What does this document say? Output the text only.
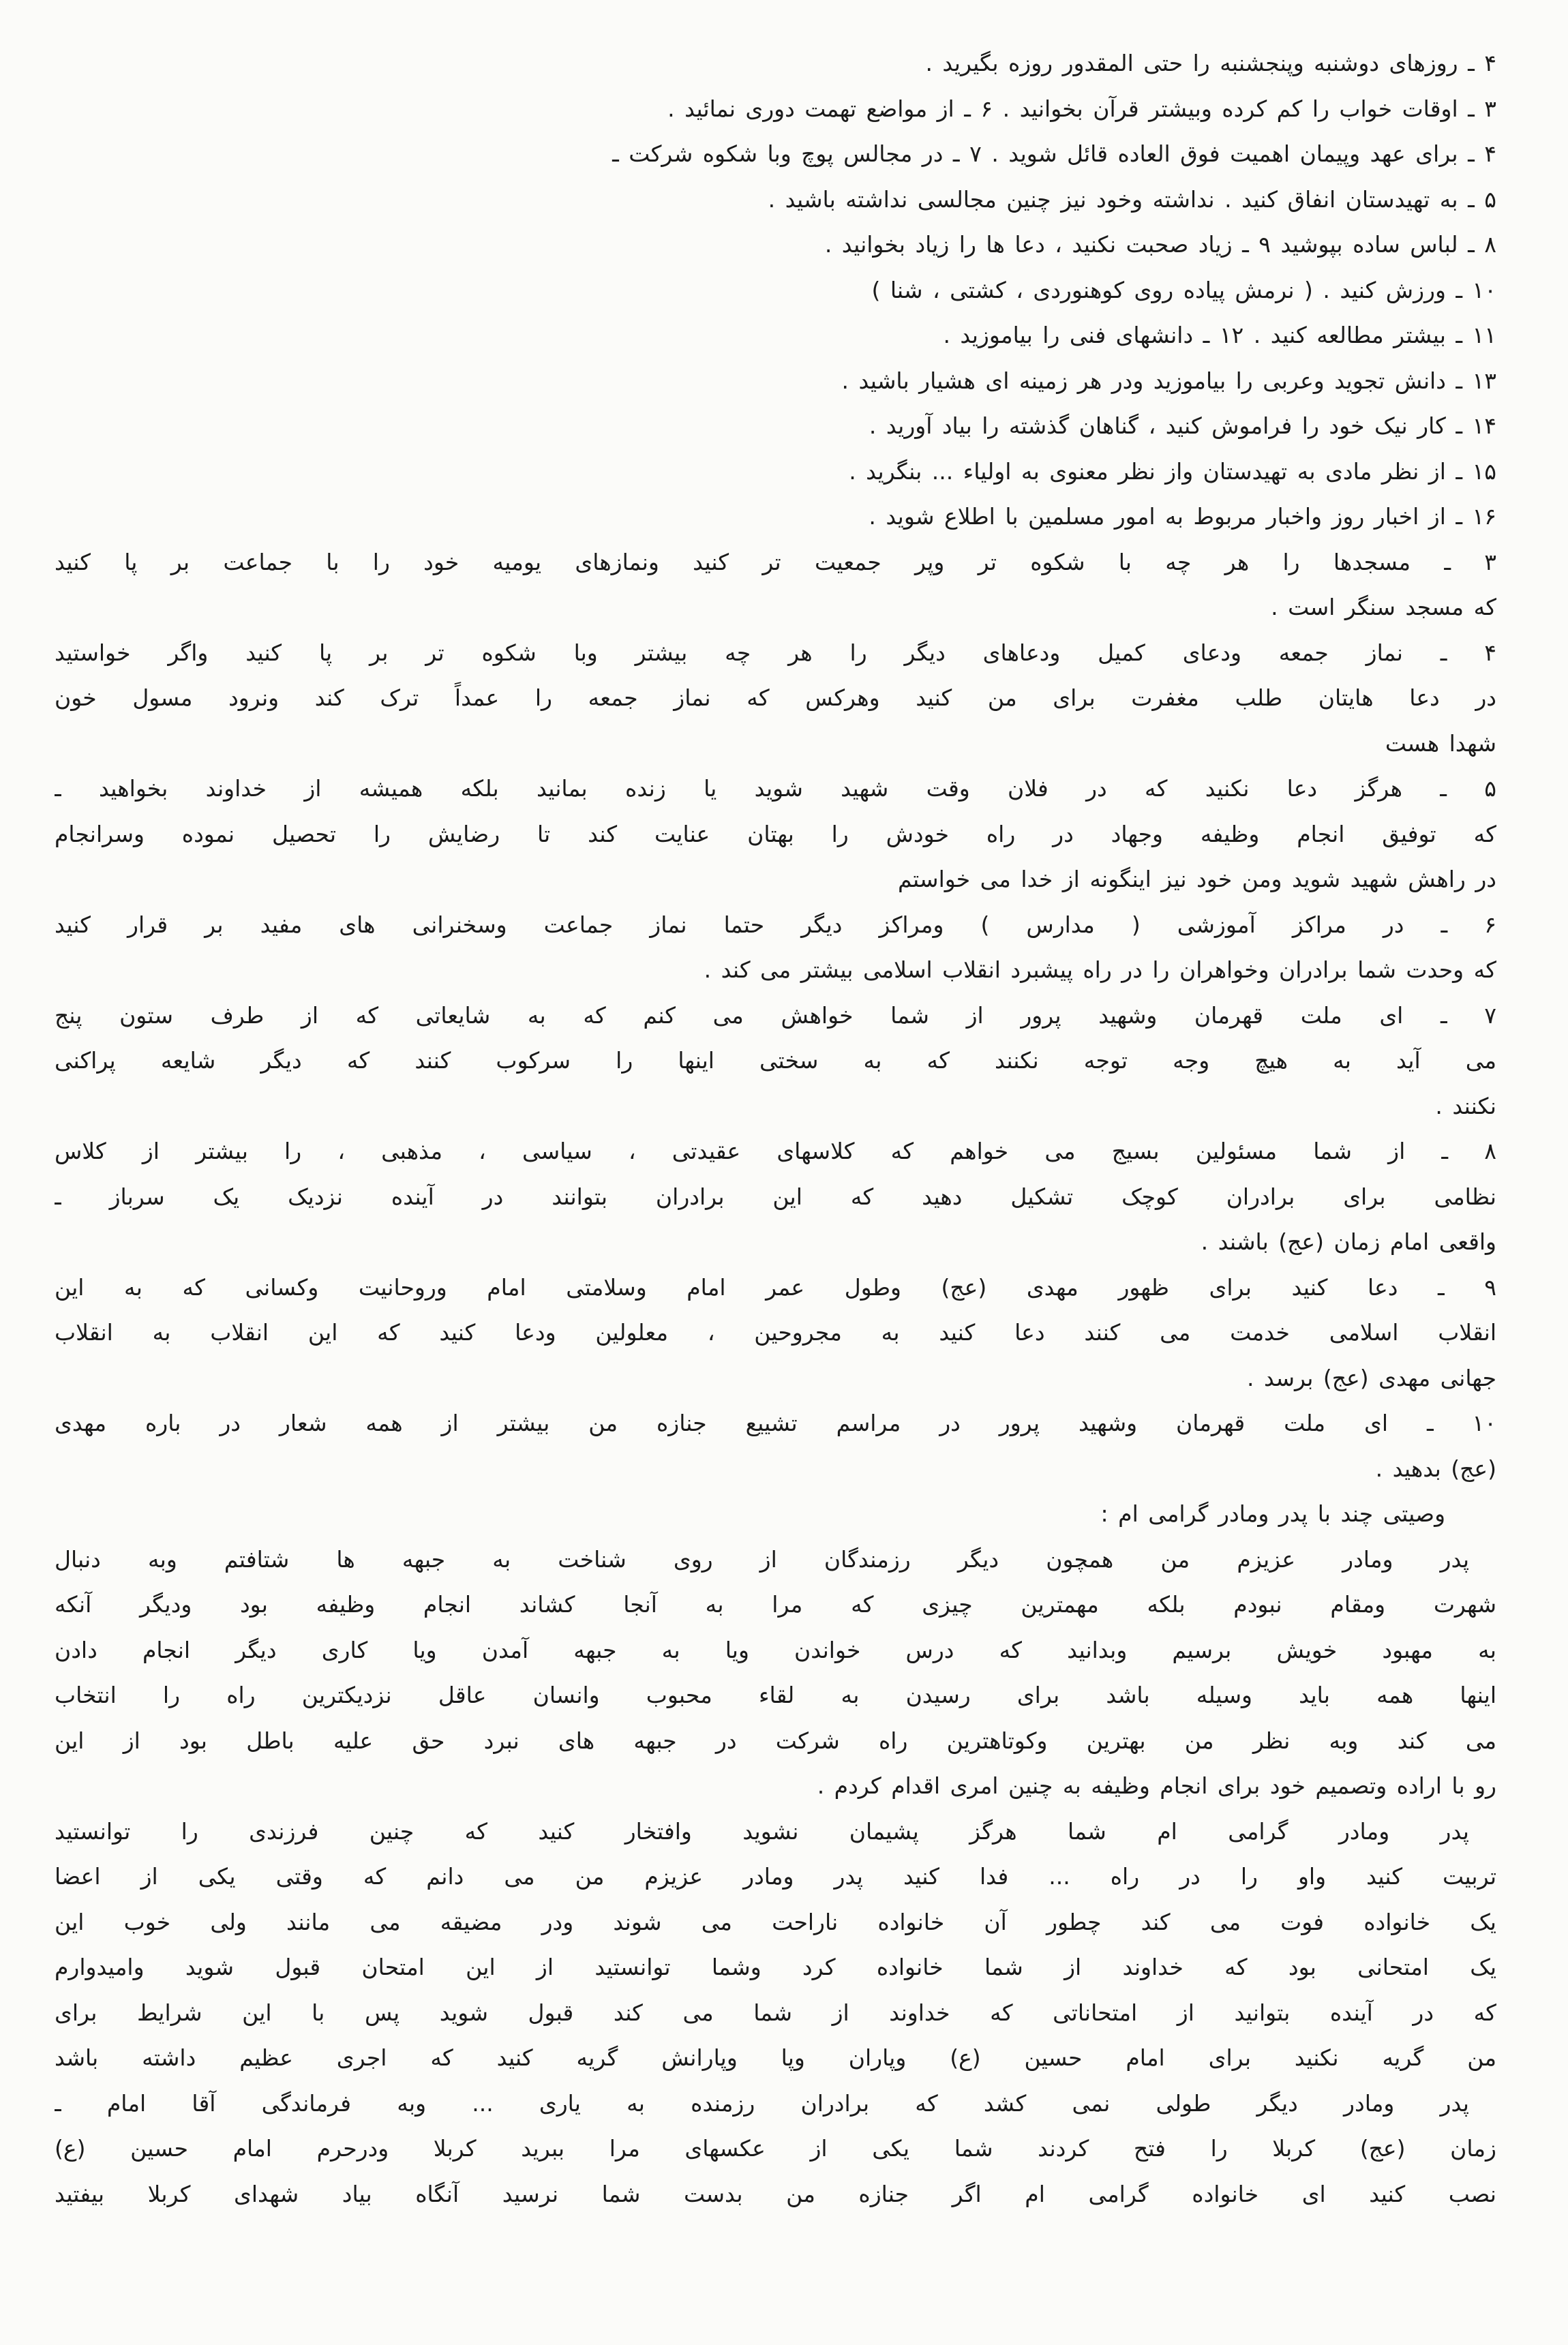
۴ ـ روزهای دوشنبه وپنجشنبه را حتی المقدور روزه بگیرید .
۳ ـ اوقات خواب را کم کرده وبیشتر قرآن بخوانید . ۶ ـ از مواضع تهمت دوری نمائید .
۴ ـ برای عهد وپیمان اهمیت فوق العاده قائل شوید . ۷ ـ در مجالس پوچ وبا شکوه شرکت ـ
۵ ـ به تهیدستان انفاق کنید . نداشته وخود نیز چنین مجالسی نداشته باشید .
۸ ـ لباس ساده بپوشید ۹ ـ زیاد صحبت نکنید ، دعا ها را زیاد بخوانید .
۱۰ ـ ورزش کنید . ( نرمش پیاده روی کوهنوردی ، کشتی ، شنا )
۱۱ ـ بیشتر مطالعه کنید . ۱۲ ـ دانشهای فنی را بیاموزید .
۱۳ ـ دانش تجوید وعربی را بیاموزید ودر هر زمینه ای هشیار باشید .
۱۴ ـ کار نیک خود را فراموش کنید ، گناهان گذشته را بیاد آورید .
۱۵ ـ از نظر مادی به تهیدستان واز نظر معنوی به اولیاء ... بنگرید .
۱۶ ـ از اخبار روز واخبار مربوط به امور مسلمین با اطلاع شوید .
۳ ـ مسجدها را هر چه با شکوه تر وپر جمعیت تر کنید ونمازهای یومیه خود را با جماعت بر پا کنید
که مسجد سنگر است .
۴ ـ نماز جمعه ودعای کمیل ودعاهای دیگر را هر چه بیشتر وبا شکوه تر بر پا کنید واگر خواستید
در دعا هایتان طلب مغفرت برای من کنید وهرکس که نماز جمعه را عمداً ترک کند ونرود مسول خون
شهدا هست
۵ ـ هرگز دعا نکنید که در فلان وقت شهید شوید یا زنده بمانید بلکه همیشه از خداوند بخواهید ـ
که توفیق انجام وظیفه وجهاد در راه خودش را بهتان عنایت کند تا رضایش را تحصیل نموده وسرانجام
در راهش شهید شوید ومن خود نیز اینگونه از خدا می خواستم
۶ ـ در مراکز آموزشی ( مدارس ) ومراکز دیگر حتما نماز جماعت وسخنرانی های مفید بر قرار کنید
که وحدت شما برادران وخواهران را در راه پیشبرد انقلاب اسلامی بیشتر می کند .
۷ ـ ای ملت قهرمان وشهید پرور از شما خواهش می کنم که به شایعاتی که از طرف ستون پنج
می آید به هیچ وجه توجه نکنند که به سختی اینها را سرکوب کنند که دیگر شایعه پراکنی
نکنند .
۸ ـ از شما مسئولین بسیج می خواهم که کلاسهای عقیدتی ، سیاسی ، مذهبی ، را بیشتر از کلاس
نظامی برای برادران کوچک تشکیل دهید که این برادران بتوانند در آینده نزدیک یک سرباز ـ
واقعی امام زمان (عج) باشند .
۹ ـ دعا کنید برای ظهور مهدی (عج) وطول عمر امام وسلامتی امام وروحانیت وکسانی که به این
انقلاب اسلامی خدمت می کنند دعا کنید به مجروحین ، معلولین ودعا کنید که این انقلاب به انقلاب
جهانی مهدی (عج) برسد .
۱۰ ـ ای ملت قهرمان وشهید پرور در مراسم تشییع جنازه من بیشتر از همه شعار در باره مهدی
(عج) بدهید .
وصیتی چند با پدر ومادر گرامی ام :
پدر ومادر عزیزم من همچون دیگر رزمندگان از روی شناخت به جبهه ها شتافتم وبه دنبال
شهرت ومقام نبودم بلکه مهمترین چیزی که مرا به آنجا کشاند انجام وظیفه بود ودیگر آنکه
به مهبود خویش برسیم وبدانید که درس خواندن ویا به جبهه آمدن ویا کاری دیگر انجام دادن
اینها همه باید وسیله باشد برای رسیدن به لقاء محبوب وانسان عاقل نزدیکترین راه را انتخاب
می کند وبه نظر من بهترین وکوتاهترین راه شرکت در جبهه های نبرد حق علیه باطل بود از این
رو با اراده وتصمیم خود برای انجام وظیفه به چنین امری اقدام کردم .
پدر ومادر گرامی ام شما هرگز پشیمان نشوید وافتخار کنید که چنین فرزندی را توانستید
تربیت کنید واو را در راه ... فدا کنید پدر ومادر عزیزم من می دانم که وقتی یکی از اعضا
یک خانواده فوت می کند چطور آن خانواده ناراحت می شوند ودر مضیقه می مانند ولی خوب این
یک امتحانی بود که خداوند از شما خانواده کرد وشما توانستید از این امتحان قبول شوید وامیدوارم
که در آینده بتوانید از امتحاناتی که خداوند از شما می کند قبول شوید پس با این شرایط برای
من گریه نکنید برای امام حسین (ع) وپاران وپا وپارانش گریه کنید که اجری عظیم داشته باشد
پدر ومادر دیگر طولی نمی کشد که برادران رزمنده به یاری ... وبه فرماندگی آقا امام ـ
زمان (عج) کربلا را فتح کردند شما یکی از عکسهای مرا ببرید کربلا ودرحرم امام حسین (ع)
نصب کنید ای خانواده گرامی ام اگر جنازه من بدست شما نرسید آنگاه بیاد شهدای کربلا بیفتید
